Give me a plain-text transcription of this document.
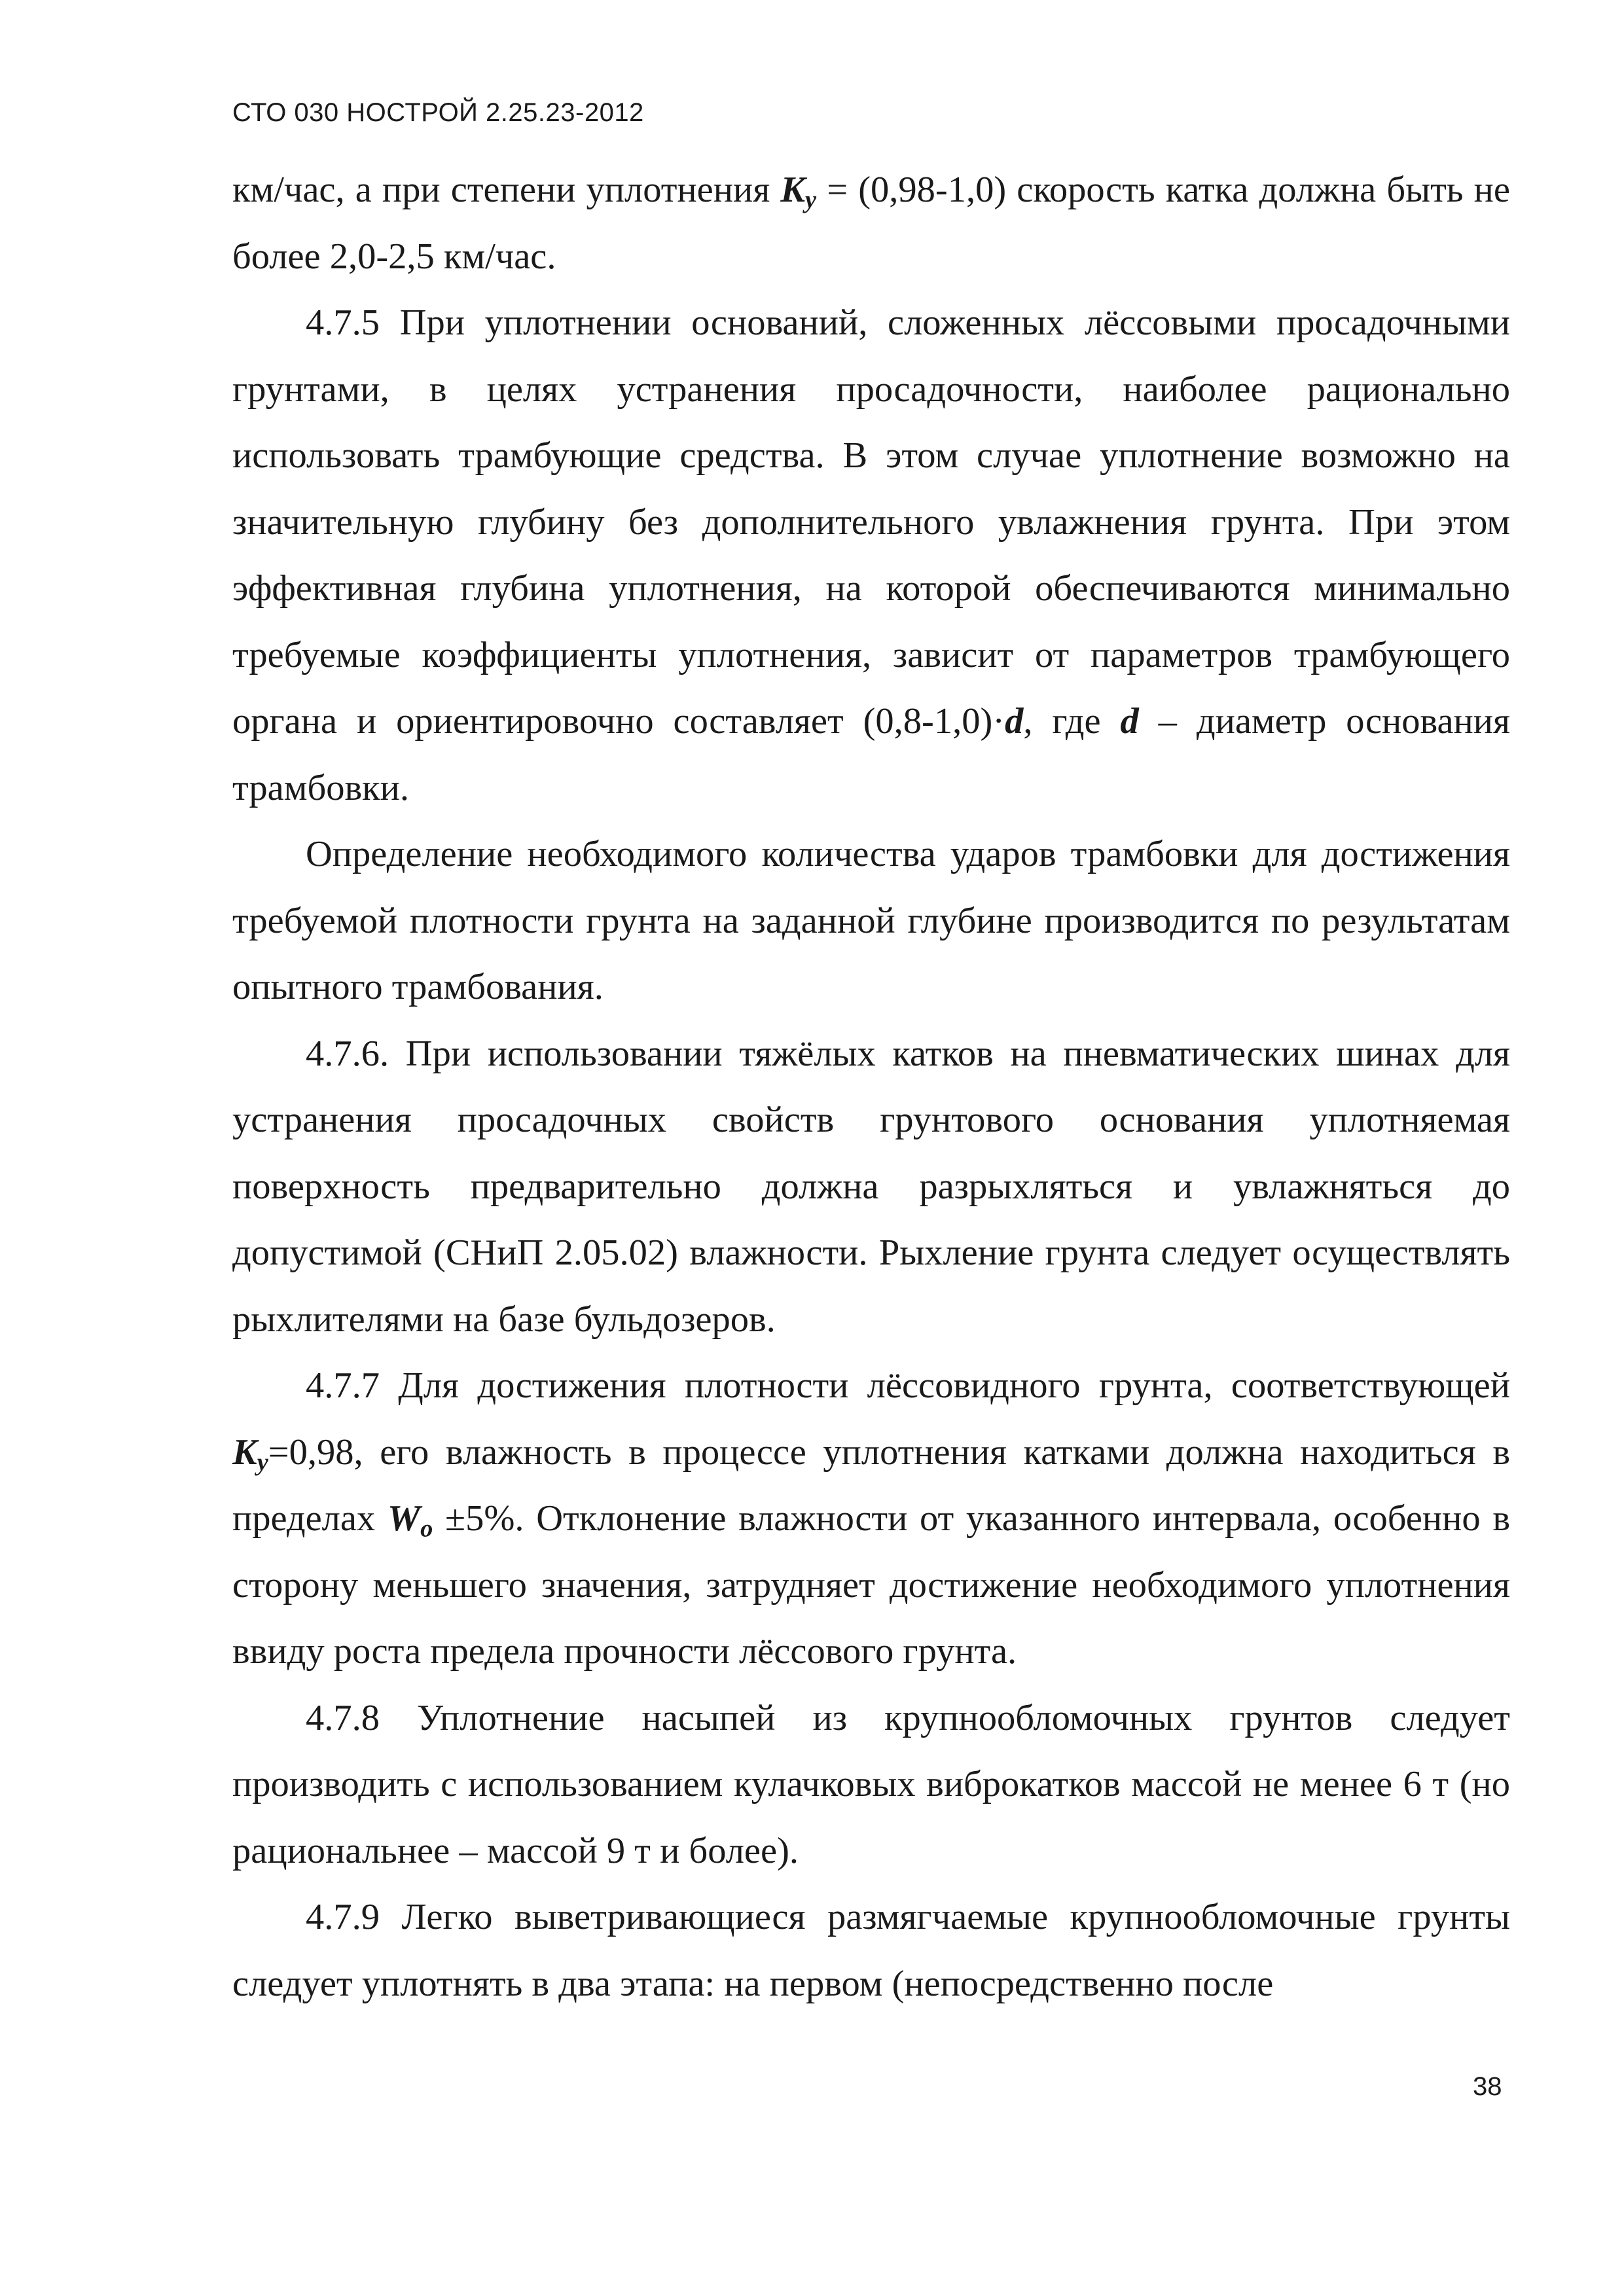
СТО 030 НОСТРОЙ 2.25.23-2012

км/час, а при степени уплотнения $K_y = (0,98-1,0)$ скорость катка должна быть не более 2,0-2,5 км/час.

4.7.5 При уплотнении оснований, сложенных лёссовыми просадочными грунтами, в целях устранения просадочности, наиболее рационально использовать трамбующие средства. В этом случае уплотнение возможно на значительную глубину без дополнительного увлажнения грунта. При этом эффективная глубина уплотнения, на которой обеспечиваются минимально требуемые коэффициенты уплотнения, зависит от параметров трамбующего органа и ориентировочно составляет (0,8-1,0)·d, где d – диаметр основания трамбовки.

Определение необходимого количества ударов трамбовки для достижения требуемой плотности грунта на заданной глубине производится по результатам опытного трамбования.

4.7.6. При использовании тяжёлых катков на пневматических шинах для устранения просадочных свойств грунтового основания уплотняемая поверхность предварительно должна разрыхляться и увлажняться до допустимой (СНиП 2.05.02) влажности. Рыхление грунта следует осуществлять рыхлителями на базе бульдозеров.

4.7.7 Для достижения плотности лёссовидного грунта, соответствующей $K_y=0,98$, его влажность в процессе уплотнения катками должна находиться в пределах $W_o \pm 5\%$. Отклонение влажности от указанного интервала, особенно в сторону меньшего значения, затрудняет достижение необходимого уплотнения ввиду роста предела прочности лёссового грунта.

4.7.8 Уплотнение насыпей из крупнообломочных грунтов следует производить с использованием кулачковых виброкатков массой не менее 6 т (но рациональнее – массой 9 т и более).

4.7.9 Легко выветривающиеся размягчаемые крупнообломочные грунты следует уплотнять в два этапа: на первом (непосредственно после

38
